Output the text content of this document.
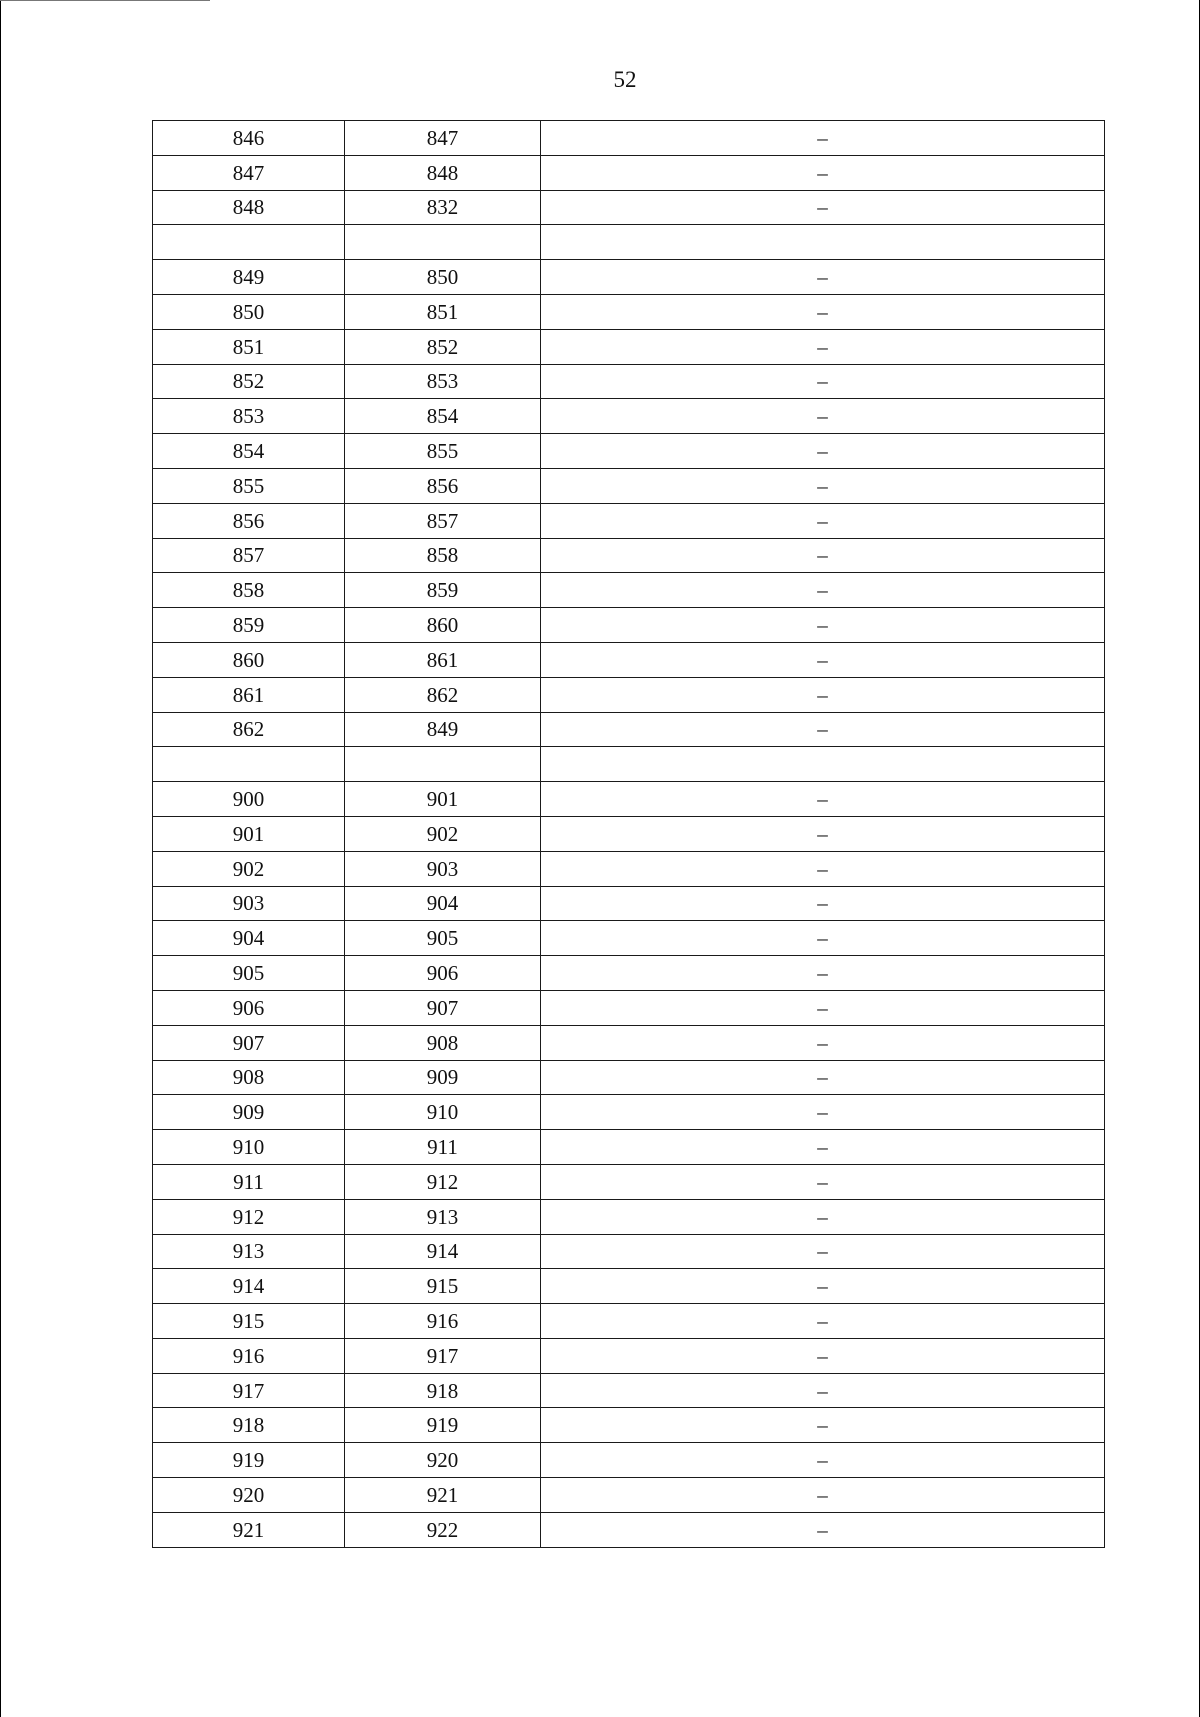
52
846	847	–
847	848	–
848	832	–

849	850	–
850	851	–
851	852	–
852	853	–
853	854	–
854	855	–
855	856	–
856	857	–
857	858	–
858	859	–
859	860	–
860	861	–
861	862	–
862	849	–

900	901	–
901	902	–
902	903	–
903	904	–
904	905	–
905	906	–
906	907	–
907	908	–
908	909	–
909	910	–
910	911	–
911	912	–
912	913	–
913	914	–
914	915	–
915	916	–
916	917	–
917	918	–
918	919	–
919	920	–
920	921	–
921	922	–
